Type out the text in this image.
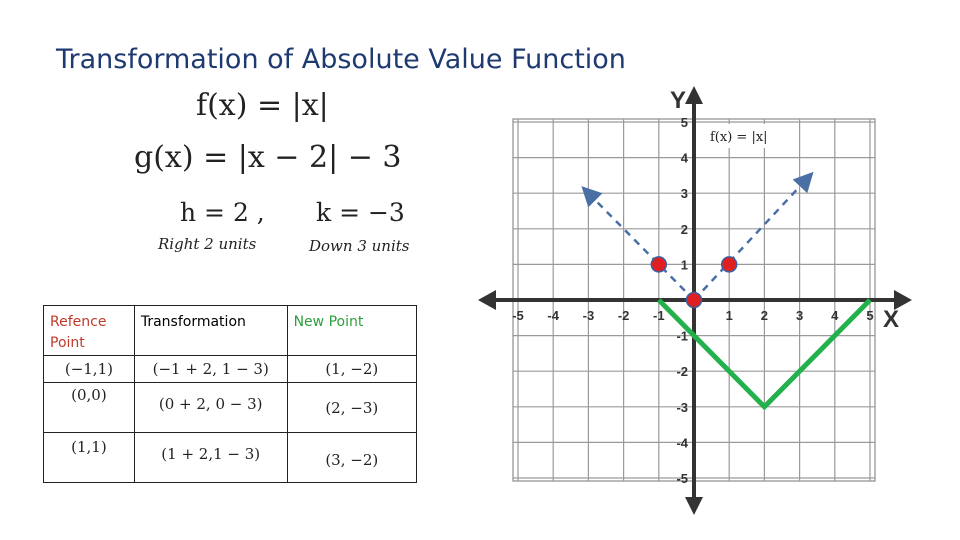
Transformation of Absolute Value Function
f(x) = |x|
g(x) = |x − 2| − 3
h = 2 , k = −3
Right 2 units	Down 3 units
Refence Point	Transformation	New Point
(−1,1)	(−1 + 2, 1 − 3)	(1, −2)
(0,0)	(0 + 2, 0 − 3)	(2, −3)
(1,1)	(1 + 2,1 − 3)	(3, −2)
-5 -4 -3 -2 -1	1 2 3 4 5
5
4
3
2
1
-1
-2
-3
-4
-5
f(x) = |x|
Y
X
